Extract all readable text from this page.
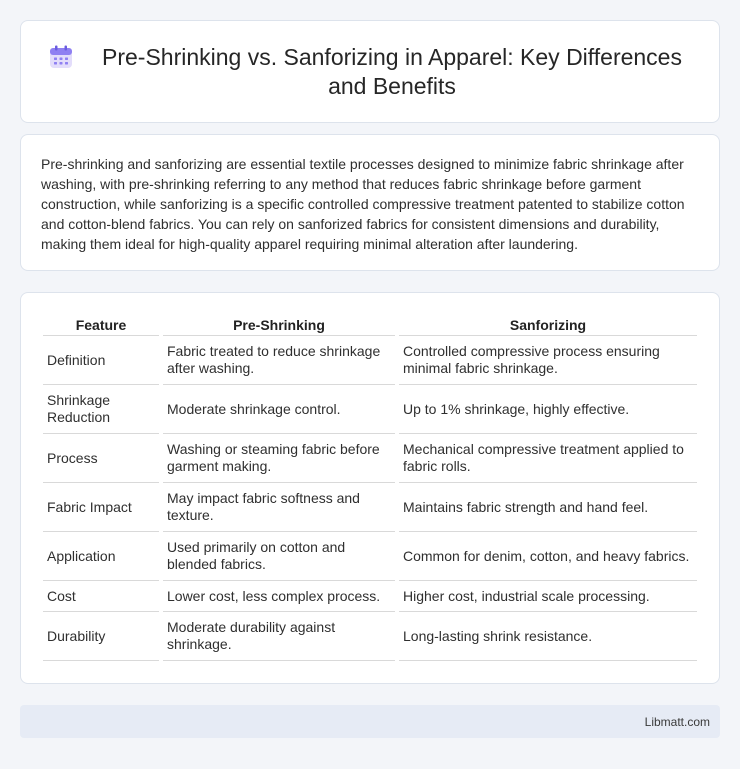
Pre-Shrinking vs. Sanforizing in Apparel: Key Differences and Benefits

Pre-shrinking and sanforizing are essential textile processes designed to minimize fabric shrinkage after washing, with pre-shrinking referring to any method that reduces fabric shrinkage before garment construction, while sanforizing is a specific controlled compressive treatment patented to stabilize cotton and cotton-blend fabrics. You can rely on sanforized fabrics for consistent dimensions and durability, making them ideal for high-quality apparel requiring minimal alteration after laundering.

Feature	Pre-Shrinking	Sanforizing
Definition	Fabric treated to reduce shrinkage after washing.	Controlled compressive process ensuring minimal fabric shrinkage.
Shrinkage Reduction	Moderate shrinkage control.	Up to 1% shrinkage, highly effective.
Process	Washing or steaming fabric before garment making.	Mechanical compressive treatment applied to fabric rolls.
Fabric Impact	May impact fabric softness and texture.	Maintains fabric strength and hand feel.
Application	Used primarily on cotton and blended fabrics.	Common for denim, cotton, and heavy fabrics.
Cost	Lower cost, less complex process.	Higher cost, industrial scale processing.
Durability	Moderate durability against shrinkage.	Long-lasting shrink resistance.
Libmatt.com
